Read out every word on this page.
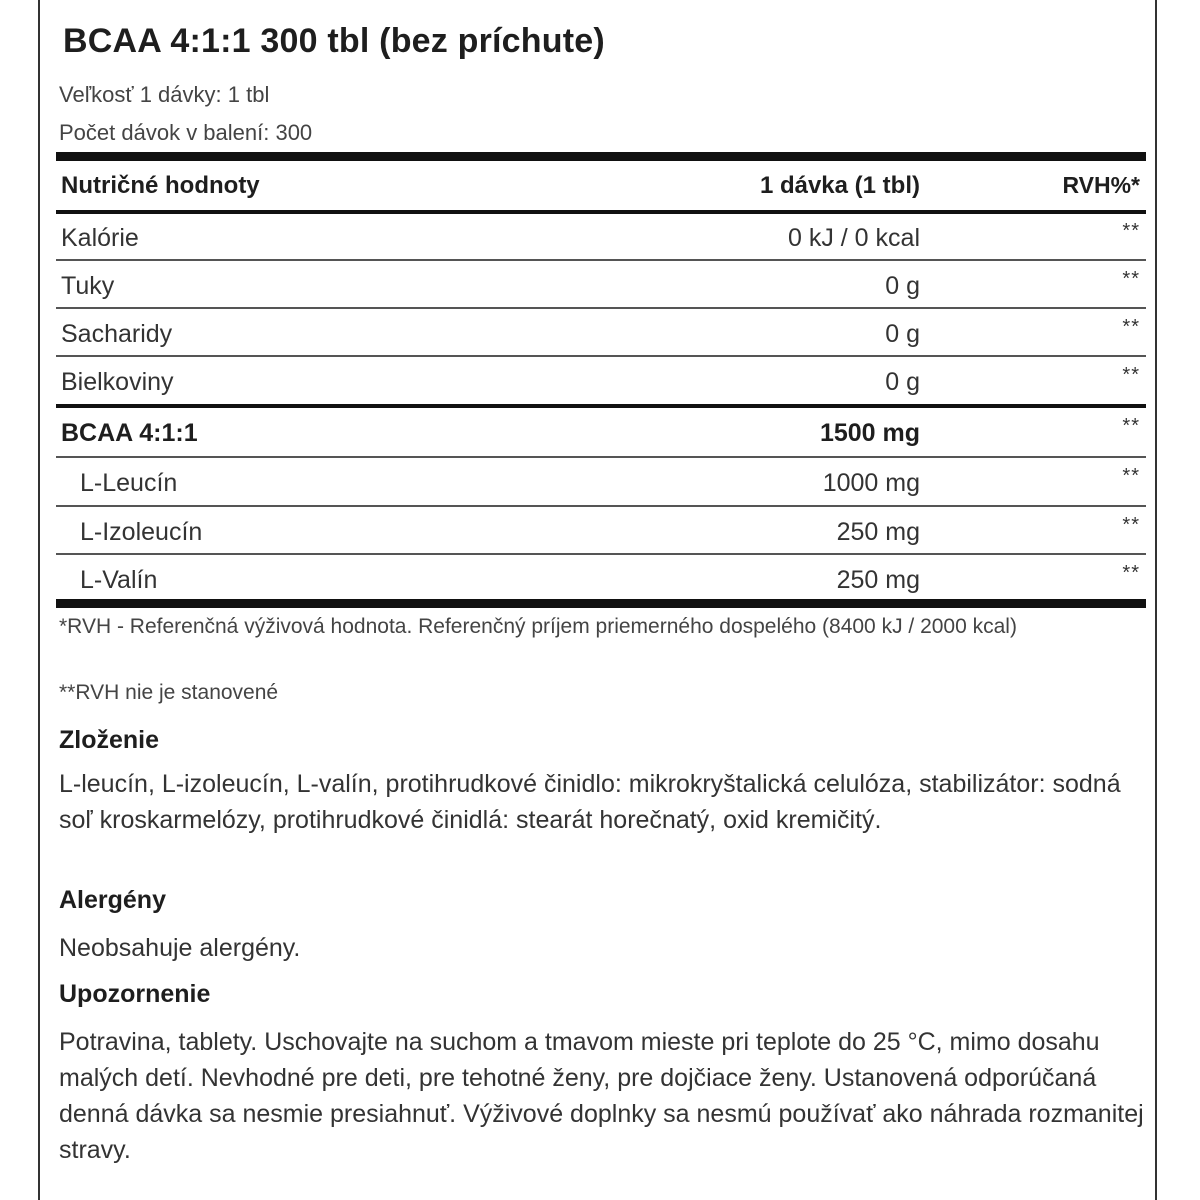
BCAA 4:1:1 300 tbl (bez príchute)
Veľkosť 1 dávky: 1 tbl
Počet dávok v balení: 300
Nutričné hodnoty	1 dávka (1 tbl)	RVH%*
Kalórie	0 kJ / 0 kcal	**
Tuky	0 g	**
Sacharidy	0 g	**
Bielkoviny	0 g	**
BCAA 4:1:1	1500 mg	**
L-Leucín	1000 mg	**
L-Izoleucín	250 mg	**
L-Valín	250 mg	**
*RVH - Referenčná výživová hodnota. Referenčný príjem priemerného dospelého (8400 kJ / 2000 kcal)
**RVH nie je stanovené
Zloženie
L-leucín, L-izoleucín, L-valín, protihrudkové činidlo: mikrokryštalická celulóza, stabilizátor: sodná soľ kroskarmelózy, protihrudkové činidlá: stearát horečnatý, oxid kremičitý.
Alergény
Neobsahuje alergény.
Upozornenie
Potravina, tablety. Uschovajte na suchom a tmavom mieste pri teplote do 25 °C, mimo dosahu malých detí. Nevhodné pre deti, pre tehotné ženy, pre dojčiace ženy. Ustanovená odporúčaná denná dávka sa nesmie presiahnuť. Výživové doplnky sa nesmú používať ako náhrada rozmanitej stravy.
